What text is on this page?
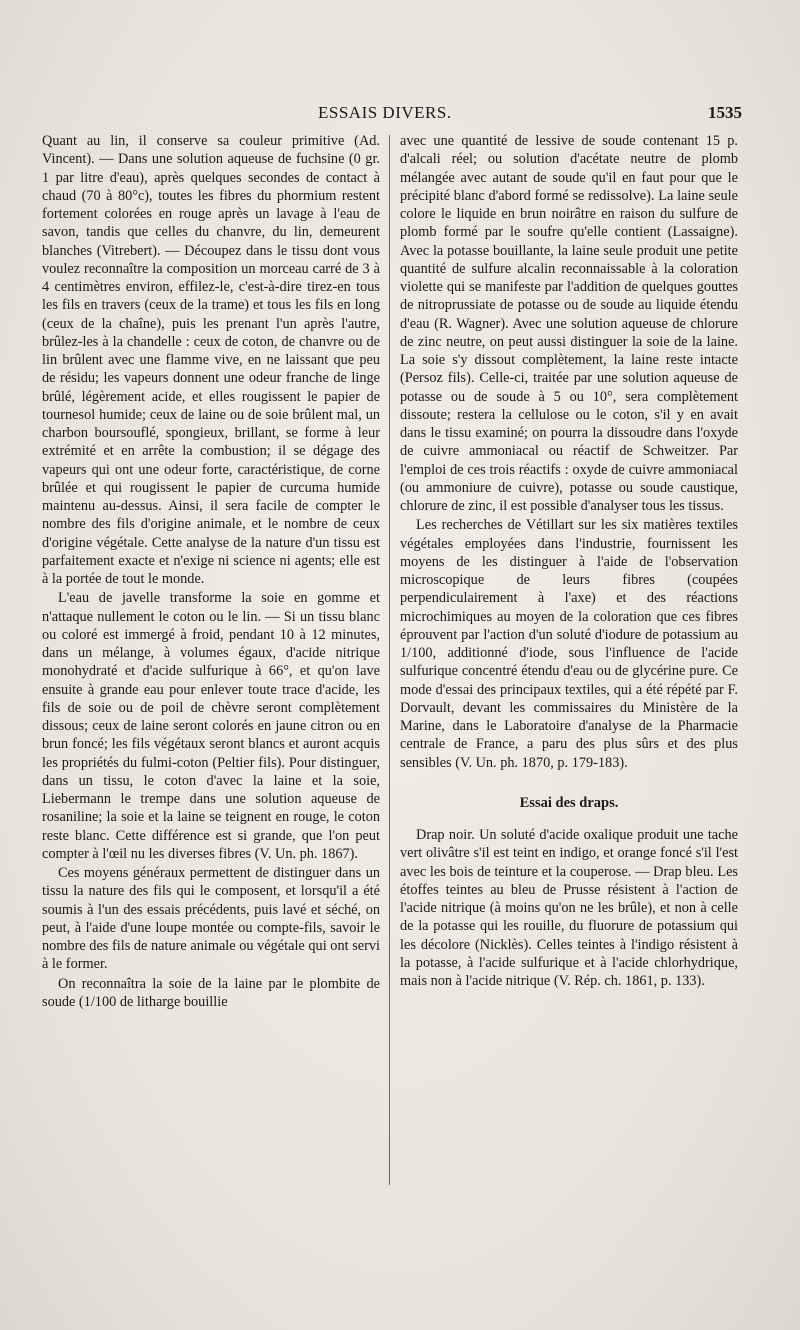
ESSAIS DIVERS.	1535

Quant au lin, il conserve sa couleur primitive (Ad. Vincent). — Dans une solution aqueuse de fuchsine (0 gr. 1 par litre d'eau), après quelques secondes de contact à chaud (70 à 80°c), toutes les fibres du phormium restent fortement colorées en rouge après un lavage à l'eau de savon, tandis que celles du chanvre, du lin, demeurent blanches (Vitrebert). — Découpez dans le tissu dont vous voulez reconnaître la composition un morceau carré de 3 à 4 centimètres environ, effilez-le, c'est-à-dire tirez-en tous les fils en travers (ceux de la trame) et tous les fils en long (ceux de la chaîne), puis les prenant l'un après l'autre, brûlez-les à la chandelle : ceux de coton, de chanvre ou de lin brûlent avec une flamme vive, en ne laissant que peu de résidu; les vapeurs donnent une odeur franche de linge brûlé, légèrement acide, et elles rougissent le papier de tournesol humide; ceux de laine ou de soie brûlent mal, un charbon boursouflé, spongieux, brillant, se forme à leur extrémité et en arrête la combustion; il se dégage des vapeurs qui ont une odeur forte, caractéristique, de corne brûlée et qui rougissent le papier de curcuma humide maintenu au-dessus. Ainsi, il sera facile de compter le nombre des fils d'origine animale, et le nombre de ceux d'origine végétale. Cette analyse de la nature d'un tissu est parfaitement exacte et n'exige ni science ni agents; elle est à la portée de tout le monde.

L'eau de javelle transforme la soie en gomme et n'attaque nullement le coton ou le lin. — Si un tissu blanc ou coloré est immergé à froid, pendant 10 à 12 minutes, dans un mélange, à volumes égaux, d'acide nitrique monohydraté et d'acide sulfurique à 66°, et qu'on lave ensuite à grande eau pour enlever toute trace d'acide, les fils de soie ou de poil de chèvre seront complètement dissous; ceux de laine seront colorés en jaune citron ou en brun foncé; les fils végétaux seront blancs et auront acquis les propriétés du fulmi-coton (Peltier fils). Pour distinguer, dans un tissu, le coton d'avec la laine et la soie, Liebermann le trempe dans une solution aqueuse de rosaniline; la soie et la laine se teignent en rouge, le coton reste blanc. Cette différence est si grande, que l'on peut compter à l'œil nu les diverses fibres (V. Un. ph. 1867).

Ces moyens généraux permettent de distinguer dans un tissu la nature des fils qui le composent, et lorsqu'il a été soumis à l'un des essais précédents, puis lavé et séché, on peut, à l'aide d'une loupe montée ou compte-fils, savoir le nombre des fils de nature animale ou végétale qui ont servi à le former.

On reconnaîtra la soie de la laine par le plombite de soude (1/100 de litharge bouillie

avec une quantité de lessive de soude contenant 15 p. d'alcali réel; ou solution d'acétate neutre de plomb mélangée avec autant de soude qu'il en faut pour que le précipité blanc d'abord formé se redissolve). La laine seule colore le liquide en brun noirâtre en raison du sulfure de plomb formé par le soufre qu'elle contient (Lassaigne). Avec la potasse bouillante, la laine seule produit une petite quantité de sulfure alcalin reconnaissable à la coloration violette qui se manifeste par l'addition de quelques gouttes de nitroprussiate de potasse ou de soude au liquide étendu d'eau (R. Wagner). Avec une solution aqueuse de chlorure de zinc neutre, on peut aussi distinguer la soie de la laine. La soie s'y dissout complètement, la laine reste intacte (Persoz fils). Celle-ci, traitée par une solution aqueuse de potasse ou de soude à 5 ou 10°, sera complètement dissoute; restera la cellulose ou le coton, s'il y en avait dans le tissu examiné; on pourra la dissoudre dans l'oxyde de cuivre ammoniacal ou réactif de Schweitzer. Par l'emploi de ces trois réactifs : oxyde de cuivre ammoniacal (ou ammoniure de cuivre), potasse ou soude caustique, chlorure de zinc, il est possible d'analyser tous les tissus.

Les recherches de Vétillart sur les six matières textiles végétales employées dans l'industrie, fournissent les moyens de les distinguer à l'aide de l'observation microscopique de leurs fibres (coupées perpendiculairement à l'axe) et des réactions microchimiques au moyen de la coloration que ces fibres éprouvent par l'action d'un soluté d'iodure de potassium au 1/100, additionné d'iode, sous l'influence de l'acide sulfurique concentré étendu d'eau ou de glycérine pure. Ce mode d'essai des principaux textiles, qui a été répété par F. Dorvault, devant les commissaires du Ministère de la Marine, dans le Laboratoire d'analyse de la Pharmacie centrale de France, a paru des plus sûrs et des plus sensibles (V. Un. ph. 1870, p. 179-183).

Essai des draps.

Drap noir. Un soluté d'acide oxalique produit une tache vert olivâtre s'il est teint en indigo, et orange foncé s'il l'est avec les bois de teinture et la couperose. — Drap bleu. Les étoffes teintes au bleu de Prusse résistent à l'action de l'acide nitrique (à moins qu'on ne les brûle), et non à celle de la potasse qui les rouille, du fluorure de potassium qui les décolore (Nicklès). Celles teintes à l'indigo résistent à la potasse, à l'acide sulfurique et à l'acide chlorhydrique, mais non à l'acide nitrique (V. Rép. ch. 1861, p. 133).
